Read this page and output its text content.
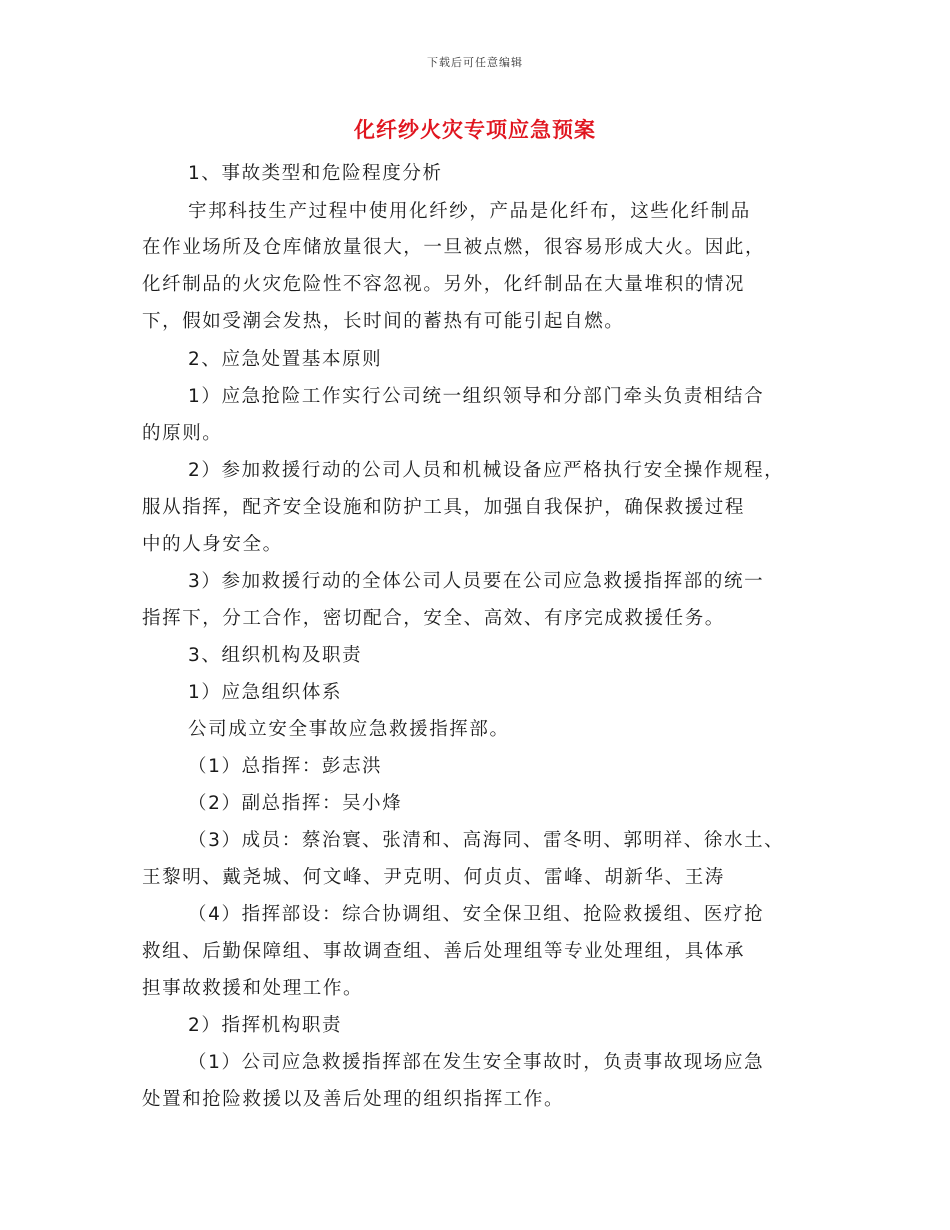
下载后可任意编辑
化纤纱火灾专项应急预案
1、事故类型和危险程度分析
宇邦科技生产过程中使用化纤纱，产品是化纤布，这些化纤制品
在作业场所及仓库储放量很大，一旦被点燃，很容易形成大火。因此，
化纤制品的火灾危险性不容忽视。另外，化纤制品在大量堆积的情况
下，假如受潮会发热，长时间的蓄热有可能引起自燃。
2、应急处置基本原则
1）应急抢险工作实行公司统一组织领导和分部门牵头负责相结合
的原则。
2）参加救援行动的公司人员和机械设备应严格执行安全操作规程，
服从指挥，配齐安全设施和防护工具，加强自我保护，确保救援过程
中的人身安全。
3）参加救援行动的全体公司人员要在公司应急救援指挥部的统一
指挥下，分工合作，密切配合，安全、高效、有序完成救援任务。
3、组织机构及职责
1）应急组织体系
公司成立安全事故应急救援指挥部。
（1）总指挥：彭志洪
（2）副总指挥：吴小烽
（3）成员：蔡治寰、张清和、高海同、雷冬明、郭明祥、徐水土、
王黎明、戴尧城、何文峰、尹克明、何贞贞、雷峰、胡新华、王涛
（4）指挥部设：综合协调组、安全保卫组、抢险救援组、医疗抢
救组、后勤保障组、事故调查组、善后处理组等专业处理组，具体承
担事故救援和处理工作。
2）指挥机构职责
（1）公司应急救援指挥部在发生安全事故时，负责事故现场应急
处置和抢险救援以及善后处理的组织指挥工作。
